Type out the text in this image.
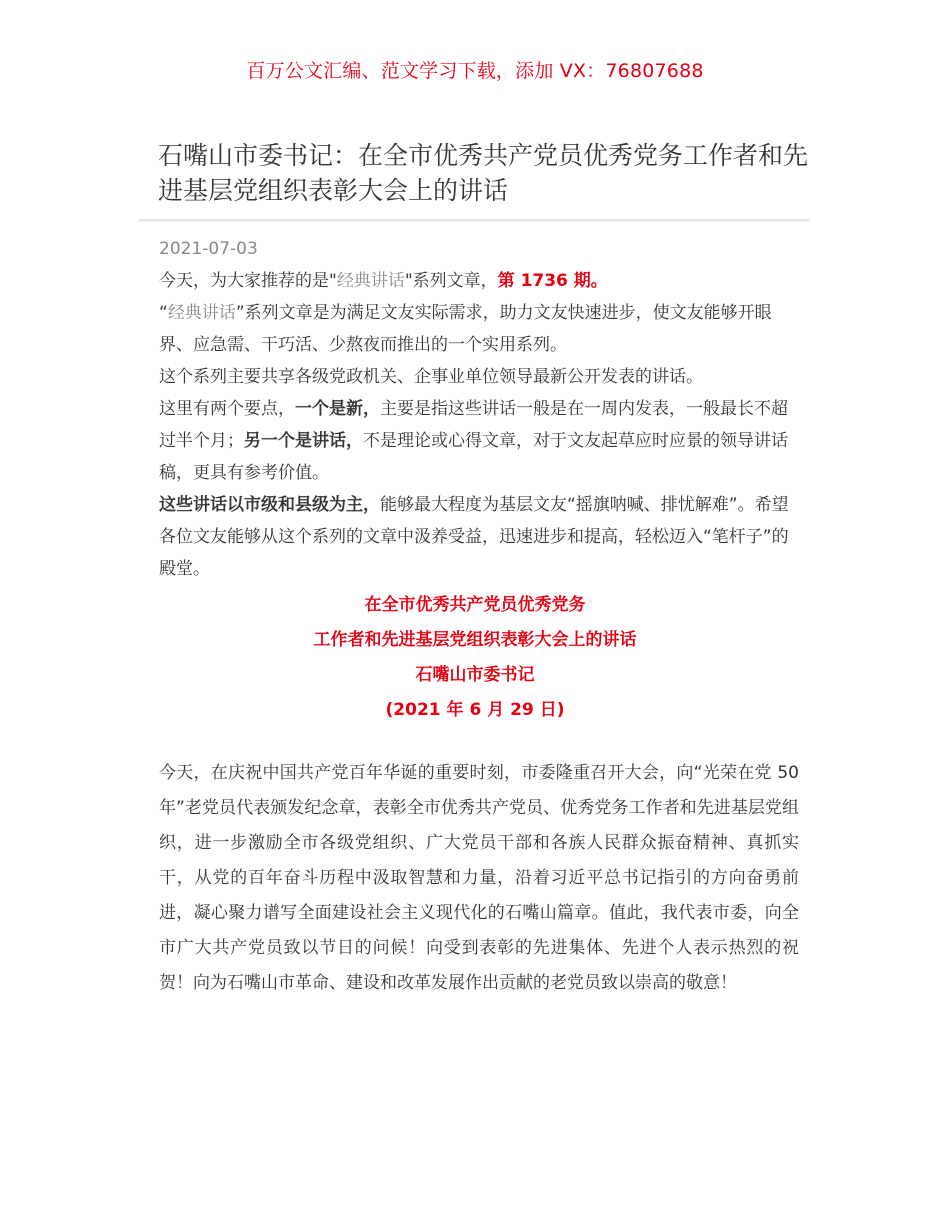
百万公文汇编、范文学习下载，添加 VX：76807688
石嘴山市委书记：在全市优秀共产党员优秀党务工作者和先进基层党组织表彰大会上的讲话
2021-07-03

今天，为大家推荐的是"经典讲话"系列文章，第 1736 期。

“经典讲话”系列文章是为满足文友实际需求，助力文友快速进步，使文友能够开眼界、应急需、干巧活、少熬夜而推出的一个实用系列。

这个系列主要共享各级党政机关、企事业单位领导最新公开发表的讲话。

这里有两个要点，一个是新，主要是指这些讲话一般是在一周内发表，一般最长不超过半个月；另一个是讲话，不是理论或心得文章，对于文友起草应时应景的领导讲话稿，更具有参考价值。

这些讲话以市级和县级为主，能够最大程度为基层文友“摇旗呐喊、排忧解难”。希望各位文友能够从这个系列的文章中汲养受益，迅速进步和提高，轻松迈入“笔杆子”的殿堂。

在全市优秀共产党员优秀党务
工作者和先进基层党组织表彰大会上的讲话
石嘴山市委书记
(2021 年 6 月 29 日)

今天，在庆祝中国共产党百年华诞的重要时刻，市委隆重召开大会，向“光荣在党 50 年”老党员代表颁发纪念章，表彰全市优秀共产党员、优秀党务工作者和先进基层党组织，进一步激励全市各级党组织、广大党员干部和各族人民群众振奋精神、真抓实干，从党的百年奋斗历程中汲取智慧和力量，沿着习近平总书记指引的方向奋勇前进，凝心聚力谱写全面建设社会主义现代化的石嘴山篇章。值此，我代表市委，向全市广大共产党员致以节日的问候！向受到表彰的先进集体、先进个人表示热烈的祝贺！向为石嘴山市革命、建设和改革发展作出贡献的老党员致以崇高的敬意！
